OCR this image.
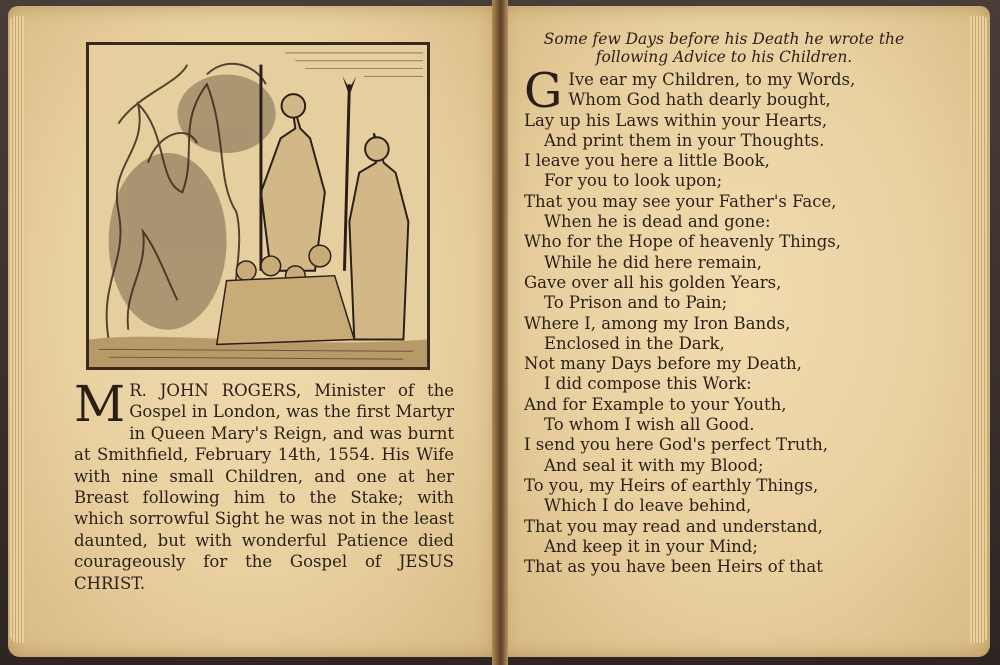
M R. JOHN ROGERS, Minister of the Gospel in London, was the first Martyr in Queen Mary's Reign, and was burnt at Smithfield, February 14th, 1554. His Wife with nine small Children, and one at her Breast following him to the Stake; with which sorrowful Sight he was not in the least daunted, but with wonderful Patience died courageously for the Gospel of JESUS CHRIST.
Some few Days before his Death he wrote the
following Advice to his Children.
G Ive ear my Children, to my Words,
Whom God hath dearly bought,
Lay up his Laws within your Hearts,
And print them in your Thoughts.
I leave you here a little Book,
For you to look upon;
That you may see your Father's Face,
When he is dead and gone:
Who for the Hope of heavenly Things,
While he did here remain,
Gave over all his golden Years,
To Prison and to Pain;
Where I, among my Iron Bands,
Enclosed in the Dark,
Not many Days before my Death,
I did compose this Work:
And for Example to your Youth,
To whom I wish all Good.
I send you here God's perfect Truth,
And seal it with my Blood;
To you, my Heirs of earthly Things,
Which I do leave behind,
That you may read and understand,
And keep it in your Mind;
That as you have been Heirs of that
